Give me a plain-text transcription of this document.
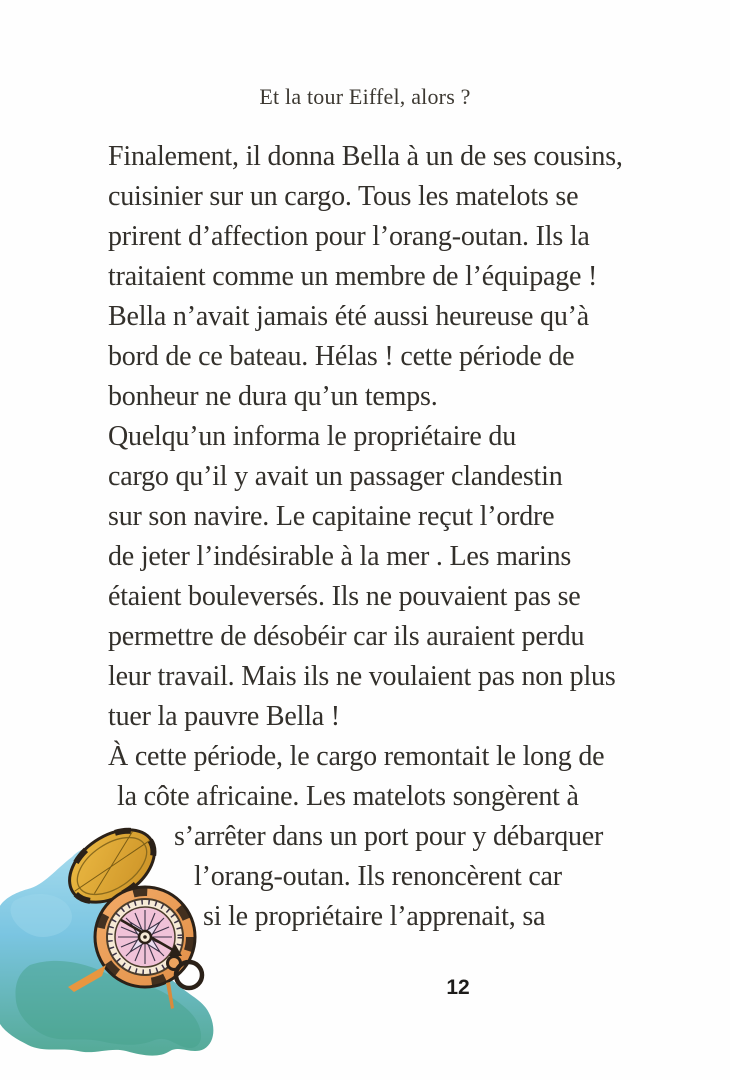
Et la tour Eiffel, alors ?
Finalement, il donna Bella à un de ses cousins,
cuisinier sur un cargo. Tous les matelots se
prirent d’affection pour l’orang-outan. Ils la
traitaient comme un membre de l’équipage !
Bella n’avait jamais été aussi heureuse qu’à
bord de ce bateau. Hélas ! cette période de
bonheur ne dura qu’un temps.
Quelqu’un informa le propriétaire du
cargo qu’il y avait un passager clandestin
sur son navire. Le capitaine reçut l’ordre
de jeter l’indésirable à la mer . Les marins
étaient bouleversés. Ils ne pouvaient pas se
permettre de désobéir car ils auraient perdu
leur travail. Mais ils ne voulaient pas non plus
tuer la pauvre Bella !
À cette période, le cargo remontait le long de
la côte africaine. Les matelots songèrent à
s’arrêter dans un port pour y débarquer
l’orang-outan. Ils renoncèrent car
si le propriétaire l’apprenait, sa
12
